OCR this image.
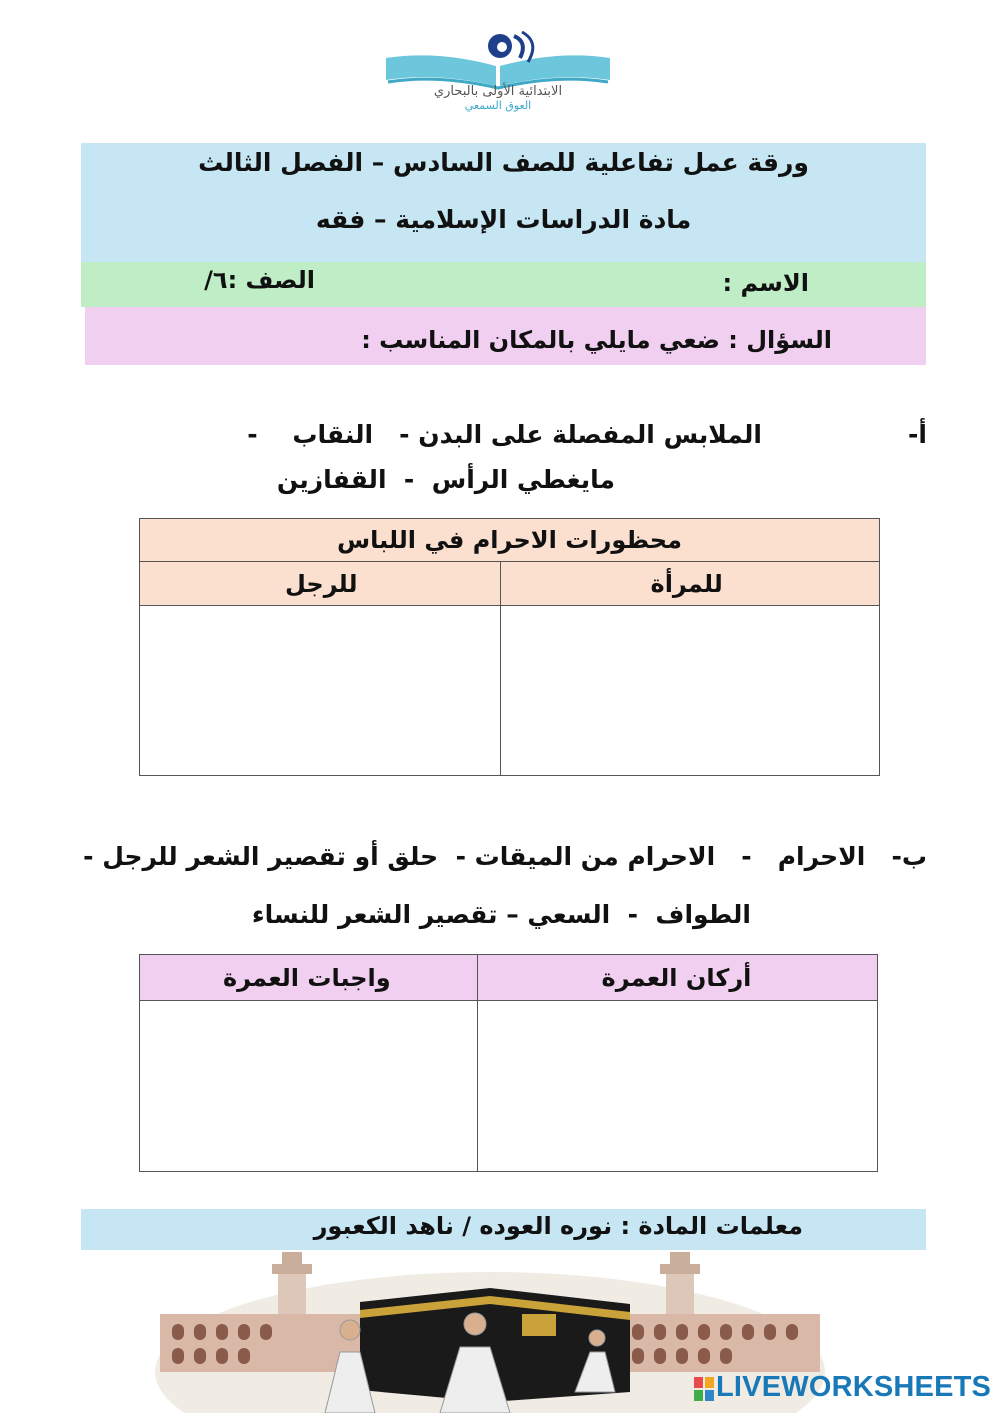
الابتدائية الأولى بالبحاري
العوق السمعي
ورقة عمل تفاعلية للصف السادس – الفصل الثالث
مادة الدراسات الإسلامية – فقه
الاسم :
الصف :٦/
السؤال : ضعي مايلي بالمكان المناسب :
أ-
الملابس المفصلة على البدن -   النقاب    -
مايغطي الرأس  -  القفازين
محظورات الاحرام في اللباس	
للمرأة	للرجل

ب-   الاحرام   -   الاحرام من الميقات -  حلق أو تقصير الشعر للرجل -
الطواف  -  السعي – تقصير الشعر للنساء
أركان العمرة	واجبات العمرة

معلمات المادة : نوره العوده / ناهد الكعبور
LIVEWORKSHEETS
